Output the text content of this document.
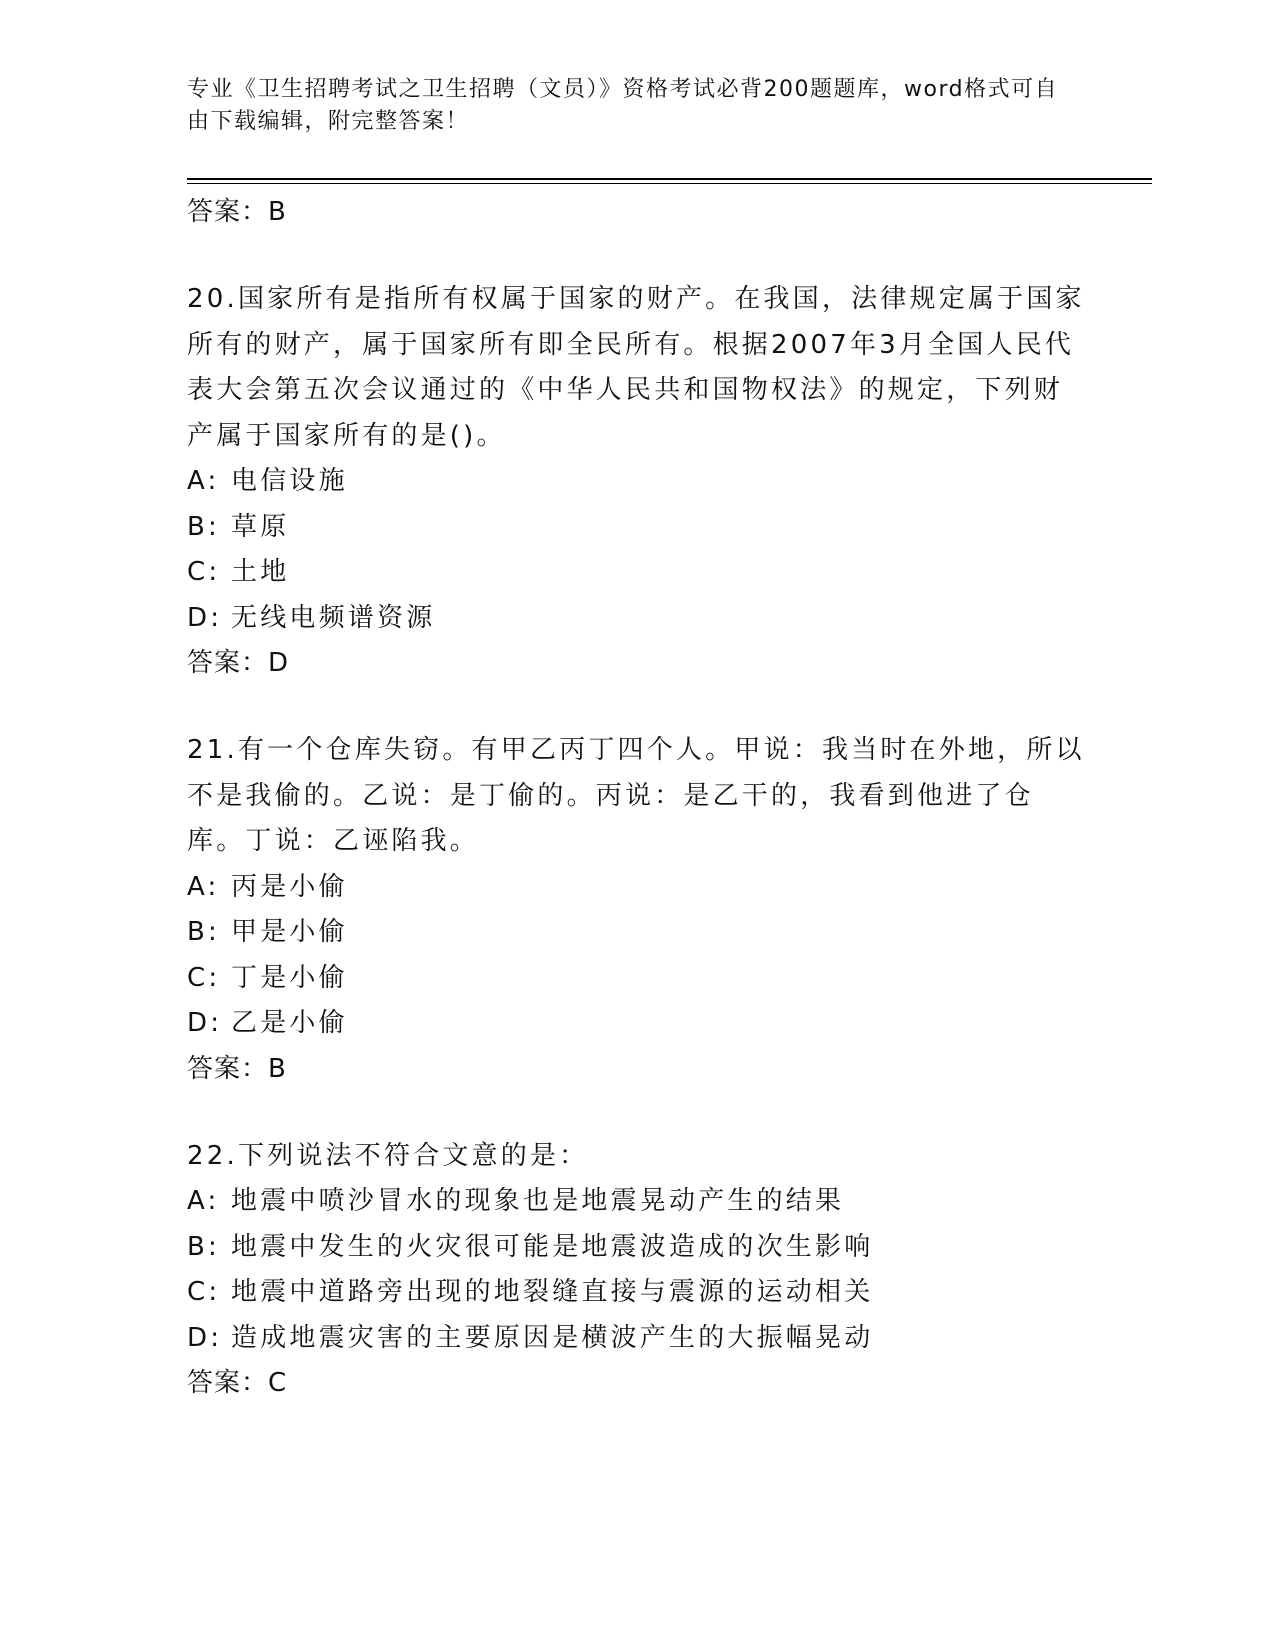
专业《卫生招聘考试之卫生招聘（文员）》资格考试必背200题题库，word格式可自由下载编辑，附完整答案！
答案：B
20.国家所有是指所有权属于国家的财产。在我国，法律规定属于国家所有的财产，属于国家所有即全民所有。根据2007年3月全国人民代表大会第五次会议通过的《中华人民共和国物权法》的规定，下列财产属于国家所有的是()。
A: 电信设施
B: 草原
C: 土地
D: 无线电频谱资源
答案：D
21.有一个仓库失窃。有甲乙丙丁四个人。甲说：我当时在外地，所以不是我偷的。乙说：是丁偷的。丙说：是乙干的，我看到他进了仓库。丁说：乙诬陷我。
A: 丙是小偷
B: 甲是小偷
C: 丁是小偷
D: 乙是小偷
答案：B
22.下列说法不符合文意的是：
A: 地震中喷沙冒水的现象也是地震晃动产生的结果
B: 地震中发生的火灾很可能是地震波造成的次生影响
C: 地震中道路旁出现的地裂缝直接与震源的运动相关
D: 造成地震灾害的主要原因是横波产生的大振幅晃动
答案：C
